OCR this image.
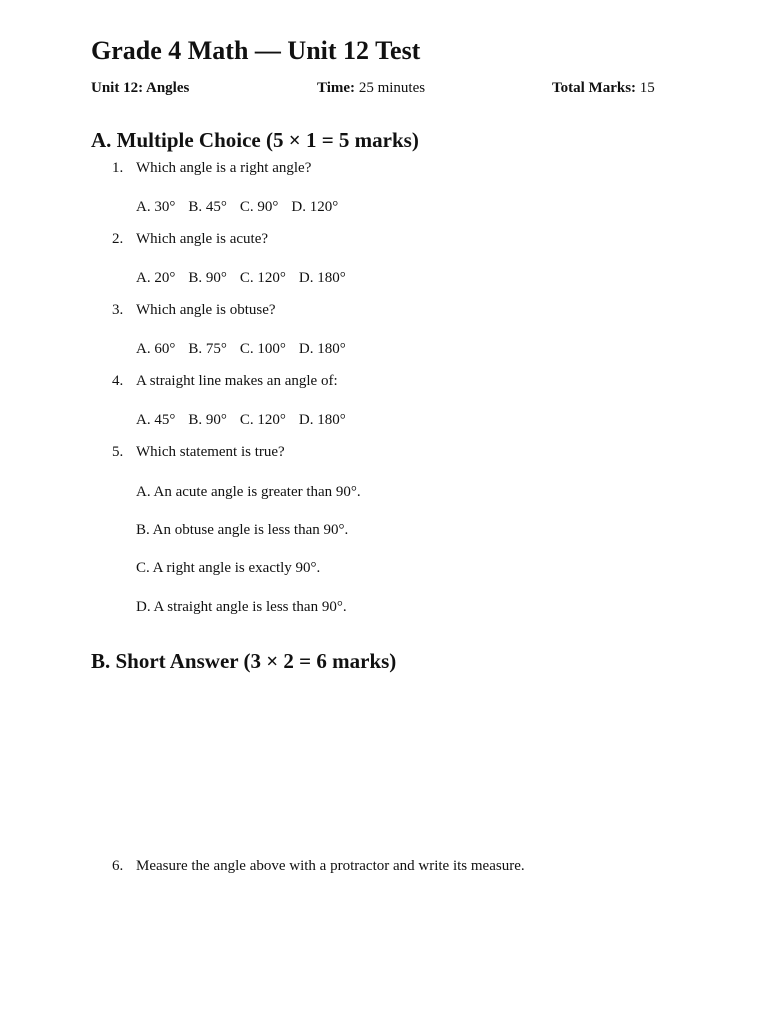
Grade 4 Math — Unit 12 Test
Unit 12: Angles	Time: 25 minutes	Total Marks: 15
A. Multiple Choice (5 × 1 = 5 marks)
1. Which angle is a right angle?
A. 30° B. 45° C. 90° D. 120°
2. Which angle is acute?
A. 20° B. 90° C. 120° D. 180°
3. Which angle is obtuse?
A. 60° B. 75° C. 100° D. 180°
4. A straight line makes an angle of:
A. 45° B. 90° C. 120° D. 180°
5. Which statement is true?
A. An acute angle is greater than 90°.
B. An obtuse angle is less than 90°.
C. A right angle is exactly 90°.
D. A straight angle is less than 90°.
B. Short Answer (3 × 2 = 6 marks)
6. Measure the angle above with a protractor and write its measure.
